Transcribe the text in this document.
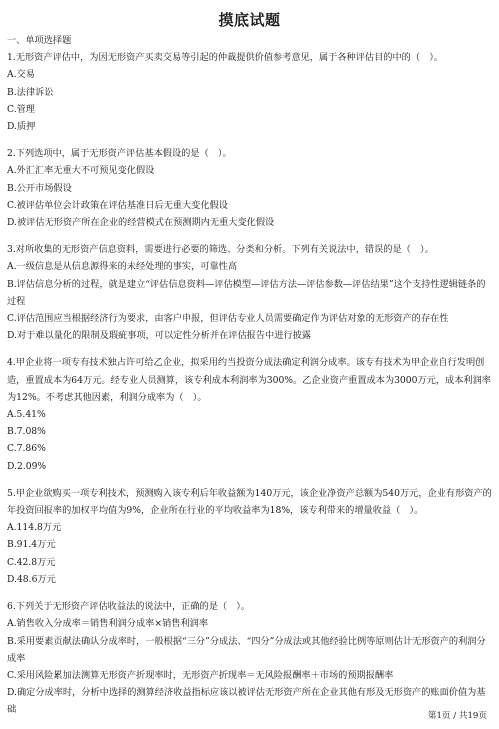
摸底试题
一、单项选择题
1.无形资产评估中，为因无形资产买卖交易等引起的仲裁提供价值参考意见，属于各种评估目的中的（　）。
A.交易
B.法律诉讼
C.管理
D.质押
2.下列选项中，属于无形资产评估基本假设的是（　）。
A.外汇汇率无重大不可预见变化假设
B.公开市场假设
C.被评估单位会计政策在评估基准日后无重大变化假设
D.被评估无形资产所在企业的经营模式在预测期内无重大变化假设
3.对所收集的无形资产信息资料，需要进行必要的筛选、分类和分析。下列有关说法中，错误的是（　）。
A.一级信息是从信息源得来的未经处理的事实，可靠性高
B.评估信息分析的过程，就是建立“评估信息资料—评估模型—评估方法—评估参数—评估结果”这个支持性逻辑链条的过程
C.评估范围应当根据经济行为要求，由客户申报，但评估专业人员需要确定作为评估对象的无形资产的存在性
D.对于难以量化的限制及瑕疵事项，可以定性分析并在评估报告中进行披露
4.甲企业将一项专有技术独占许可给乙企业，拟采用约当投资分成法确定利润分成率。该专有技术为甲企业自行发明创造，重置成本为64万元。经专业人员测算，该专利成本利润率为300%。乙企业资产重置成本为3000万元，成本利润率为12%。不考虑其他因素，利润分成率为（　）。
A.5.41%
B.7.08%
C.7.86%
D.2.09%
5.甲企业欲购买一项专利技术，预测购入该专利后年收益额为140万元，该企业净资产总额为540万元，企业有形资产的年投资回报率的加权平均值为9%，企业所在行业的平均收益率为18%，该专利带来的增量收益（　）。
A.114.8万元
B.91.4万元
C.42.8万元
D.48.6万元
6.下列关于无形资产评估收益法的说法中，正确的是（　）。
A.销售收入分成率＝销售利润分成率×销售利润率
B.采用要素贡献法确认分成率时，一般根据“三分”分成法、“四分”分成法或其他经验比例等原则估计无形资产的利润分成率
C.采用风险累加法测算无形资产折现率时，无形资产折现率＝无风险报酬率＋市场的预期报酬率
D.确定分成率时，分析中选择的测算经济收益指标应该以被评估无形资产所在企业其他有形及无形资产的账面价值为基础
第1页 / 共19页
